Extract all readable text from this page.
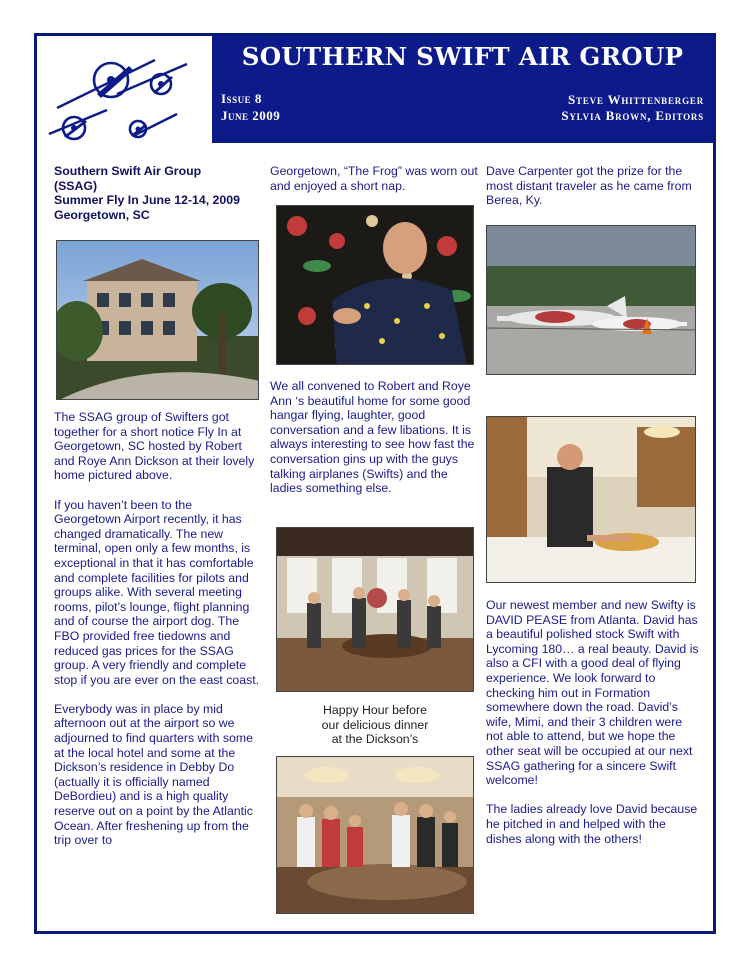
SOUTHERN SWIFT AIR GROUP
Issue 8
June 2009
Steve Whittenberger
Sylvia Brown, Editors

Southern Swift Air Group

(SSAG)

Summer Fly In June 12-14, 2009

Georgetown, SC

The SSAG group of Swifters got together for a short notice Fly In at Georgetown, SC hosted by Robert and Roye Ann Dickson at their lovely home pictured above.

If you haven’t been to the Georgetown Airport recently, it has changed dramatically. The new terminal, open only a few months, is exceptional in that it has comfortable and complete facilities for pilots and groups alike. With several meeting rooms, pilot’s lounge, flight planning and of course the airport dog. The FBO provided free tiedowns and reduced gas prices for the SSAG group. A very friendly and complete stop if you are ever on the east coast.

Everybody was in place by mid afternoon out at the airport so we adjourned to find quarters with some at the local hotel and some at the Dickson’s residence in Debby Do (actually it is officially named DeBordieu) and is a high quality reserve out on a point by the Atlantic Ocean. After freshening up from the trip over to

Georgetown, “The Frog” was worn out and enjoyed a short nap.

We all convened to Robert and Roye Ann ‘s beautiful home for some good hangar flying, laughter, good conversation and a few libations. It is always interesting to see how fast the conversation gins up with the guys talking airplanes (Swifts) and the ladies something else.

Happy Hour before
our delicious dinner
at the Dickson’s

Dave Carpenter got the prize for the most distant traveler as he came from Berea, Ky.

Our newest member and new Swifty is DAVID PEASE from Atlanta. David has a beautiful polished stock Swift with Lycoming 180… a real beauty. David is also a CFI with a good deal of flying experience. We look forward to checking him out in Formation somewhere down the road. David’s wife, Mimi, and their 3 children were not able to attend, but we hope the other seat will be occupied at our next SSAG gathering for a sincere Swift welcome!

The ladies already love David because he pitched in and helped with the dishes along with the others!
